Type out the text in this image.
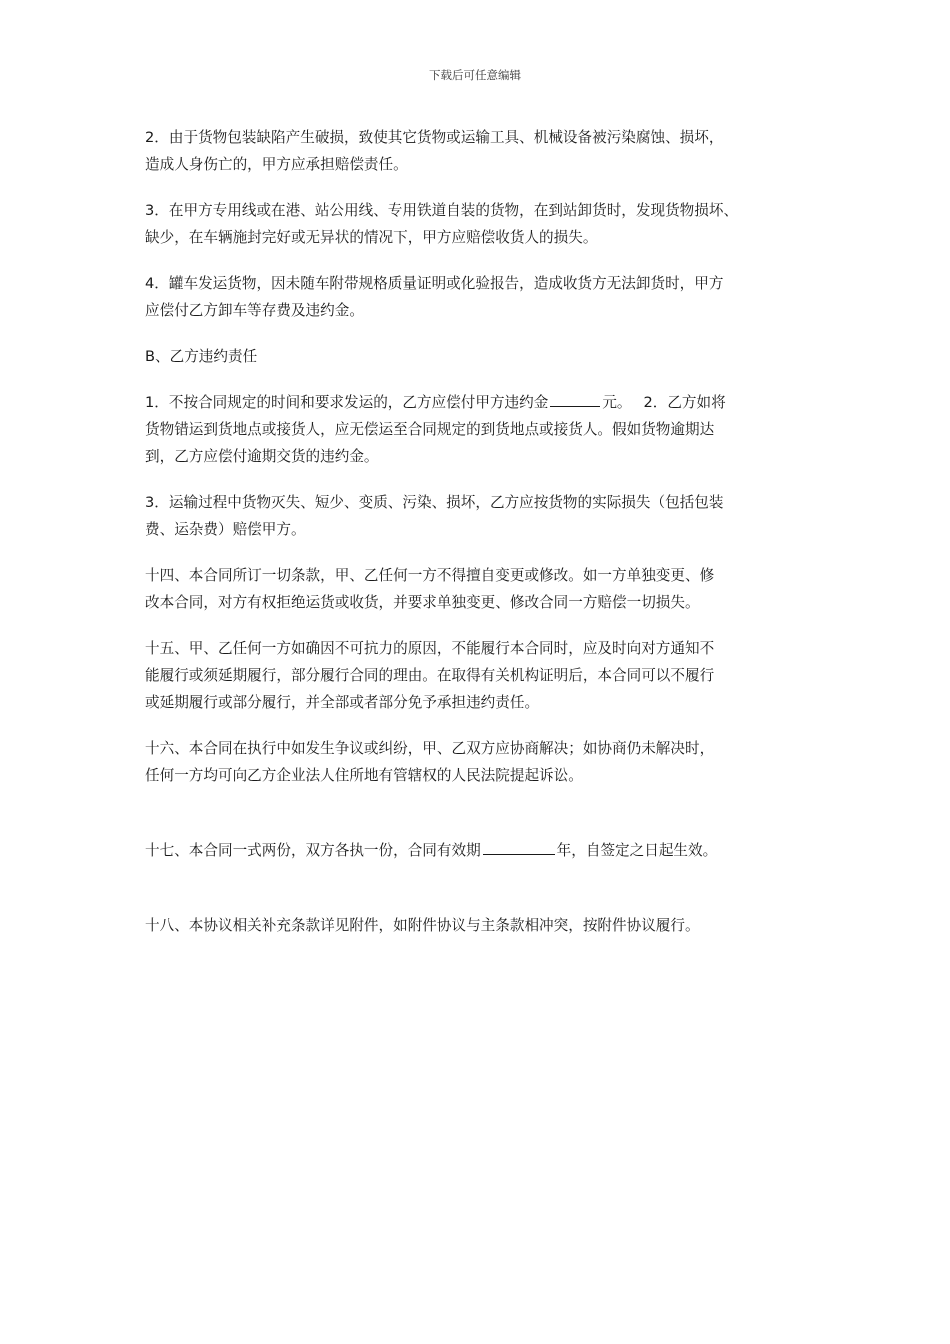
下载后可任意编辑

2．由于货物包装缺陷产生破损，致使其它货物或运输工具、机械设备被污染腐蚀、损坏，
造成人身伤亡的，甲方应承担赔偿责任。

3．在甲方专用线或在港、站公用线、专用铁道自装的货物，在到站卸货时，发现货物损坏、
缺少，在车辆施封完好或无异状的情况下，甲方应赔偿收货人的损失。

4．罐车发运货物，因未随车附带规格质量证明或化验报告，造成收货方无法卸货时，甲方
应偿付乙方卸车等存费及违约金。

B、乙方违约责任

1．不按合同规定的时间和要求发运的，乙方应偿付甲方违约金	元。　 2．乙方如将
货物错运到货地点或接货人，应无偿运至合同规定的到货地点或接货人。假如货物逾期达
到，乙方应偿付逾期交货的违约金。

3．运输过程中货物灭失、短少、变质、污染、损坏，乙方应按货物的实际损失（包括包装
费、运杂费）赔偿甲方。

十四、本合同所订一切条款，甲、乙任何一方不得擅自变更或修改。如一方单独变更、修
改本合同，对方有权拒绝运货或收货，并要求单独变更、修改合同一方赔偿一切损失。

十五、甲、乙任何一方如确因不可抗力的原因，不能履行本合同时，应及时向对方通知不
能履行或须延期履行，部分履行合同的理由。在取得有关机构证明后，本合同可以不履行
或延期履行或部分履行，并全部或者部分免予承担违约责任。

十六、本合同在执行中如发生争议或纠纷，甲、乙双方应协商解决；如协商仍未解决时，
任何一方均可向乙方企业法人住所地有管辖权的人民法院提起诉讼。

十七、本合同一式两份，双方各执一份，合同有效期	年，自签定之日起生效。

十八、本协议相关补充条款详见附件，如附件协议与主条款相冲突，按附件协议履行。
